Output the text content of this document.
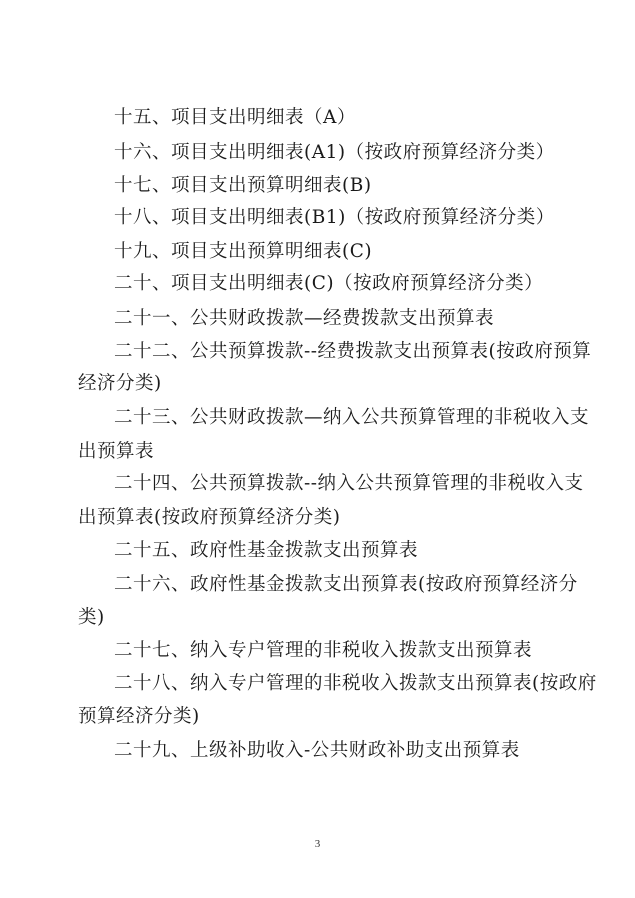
十五、项目支出明细表（A）
十六、项目支出明细表(A1)（按政府预算经济分类）
十七、项目支出预算明细表(B)
十八、项目支出明细表(B1)（按政府预算经济分类）
十九、项目支出预算明细表(C)
二十、项目支出明细表(C)（按政府预算经济分类）
二十一、公共财政拨款—经费拨款支出预算表
二十二、公共预算拨款--经费拨款支出预算表(按政府预算
经济分类)
二十三、公共财政拨款—纳入公共预算管理的非税收入支
出预算表
二十四、公共预算拨款--纳入公共预算管理的非税收入支
出预算表(按政府预算经济分类)
二十五、政府性基金拨款支出预算表
二十六、政府性基金拨款支出预算表(按政府预算经济分
类)
二十七、纳入专户管理的非税收入拨款支出预算表
二十八、纳入专户管理的非税收入拨款支出预算表(按政府
预算经济分类)
二十九、上级补助收入-公共财政补助支出预算表
3
